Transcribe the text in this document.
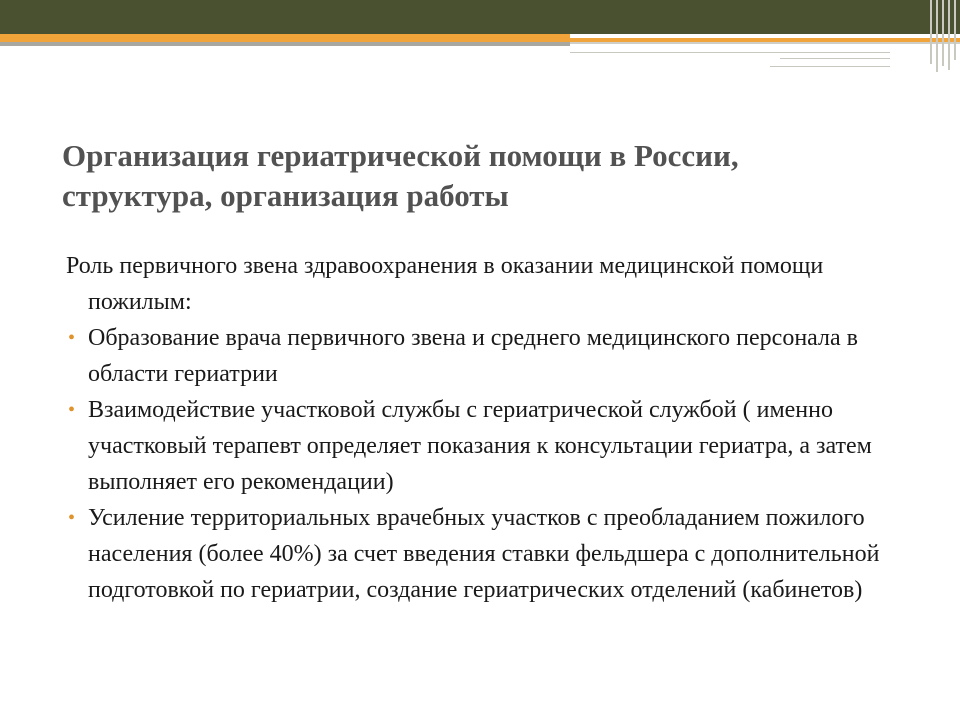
Организация гериатрической помощи в России,
структура, организация работы

Роль первичного звена здравоохранения в оказании медицинской помощи пожилым:

• Образование врача первичного звена и среднего медицинского персонала в области гериатрии
• Взаимодействие участковой службы с гериатрической службой ( именно участковый терапевт определяет показания к консультации гериатра, а затем выполняет его рекомендации)
• Усиление территориальных врачебных участков с преобладанием пожилого населения (более 40%) за счет введения ставки фельдшера с дополнительной подготовкой по гериатрии, создание гериатрических отделений (кабинетов)
